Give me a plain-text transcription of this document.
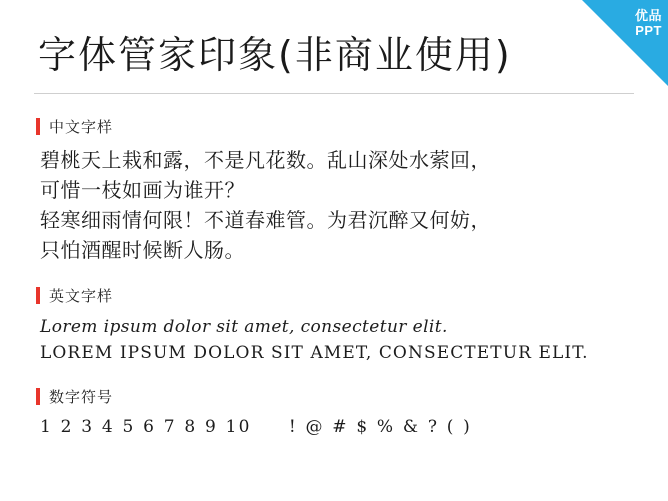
优品
PPT
字体管家印象(非商业使用)
中文字样
碧桃天上栽和露，不是凡花数。乱山深处水萦回，
可惜一枝如画为谁开？
轻寒细雨情何限！不道春难管。为君沉醉又何妨，
只怕酒醒时候断人肠。
英文字样
Lorem ipsum dolor sit amet, consectetur elit.
LOREM IPSUM DOLOR SIT AMET, CONSECTETUR ELIT.
数字符号
1 2 3 4 5 6 7 8 9 10 ! @ # $ % & ? ( )
